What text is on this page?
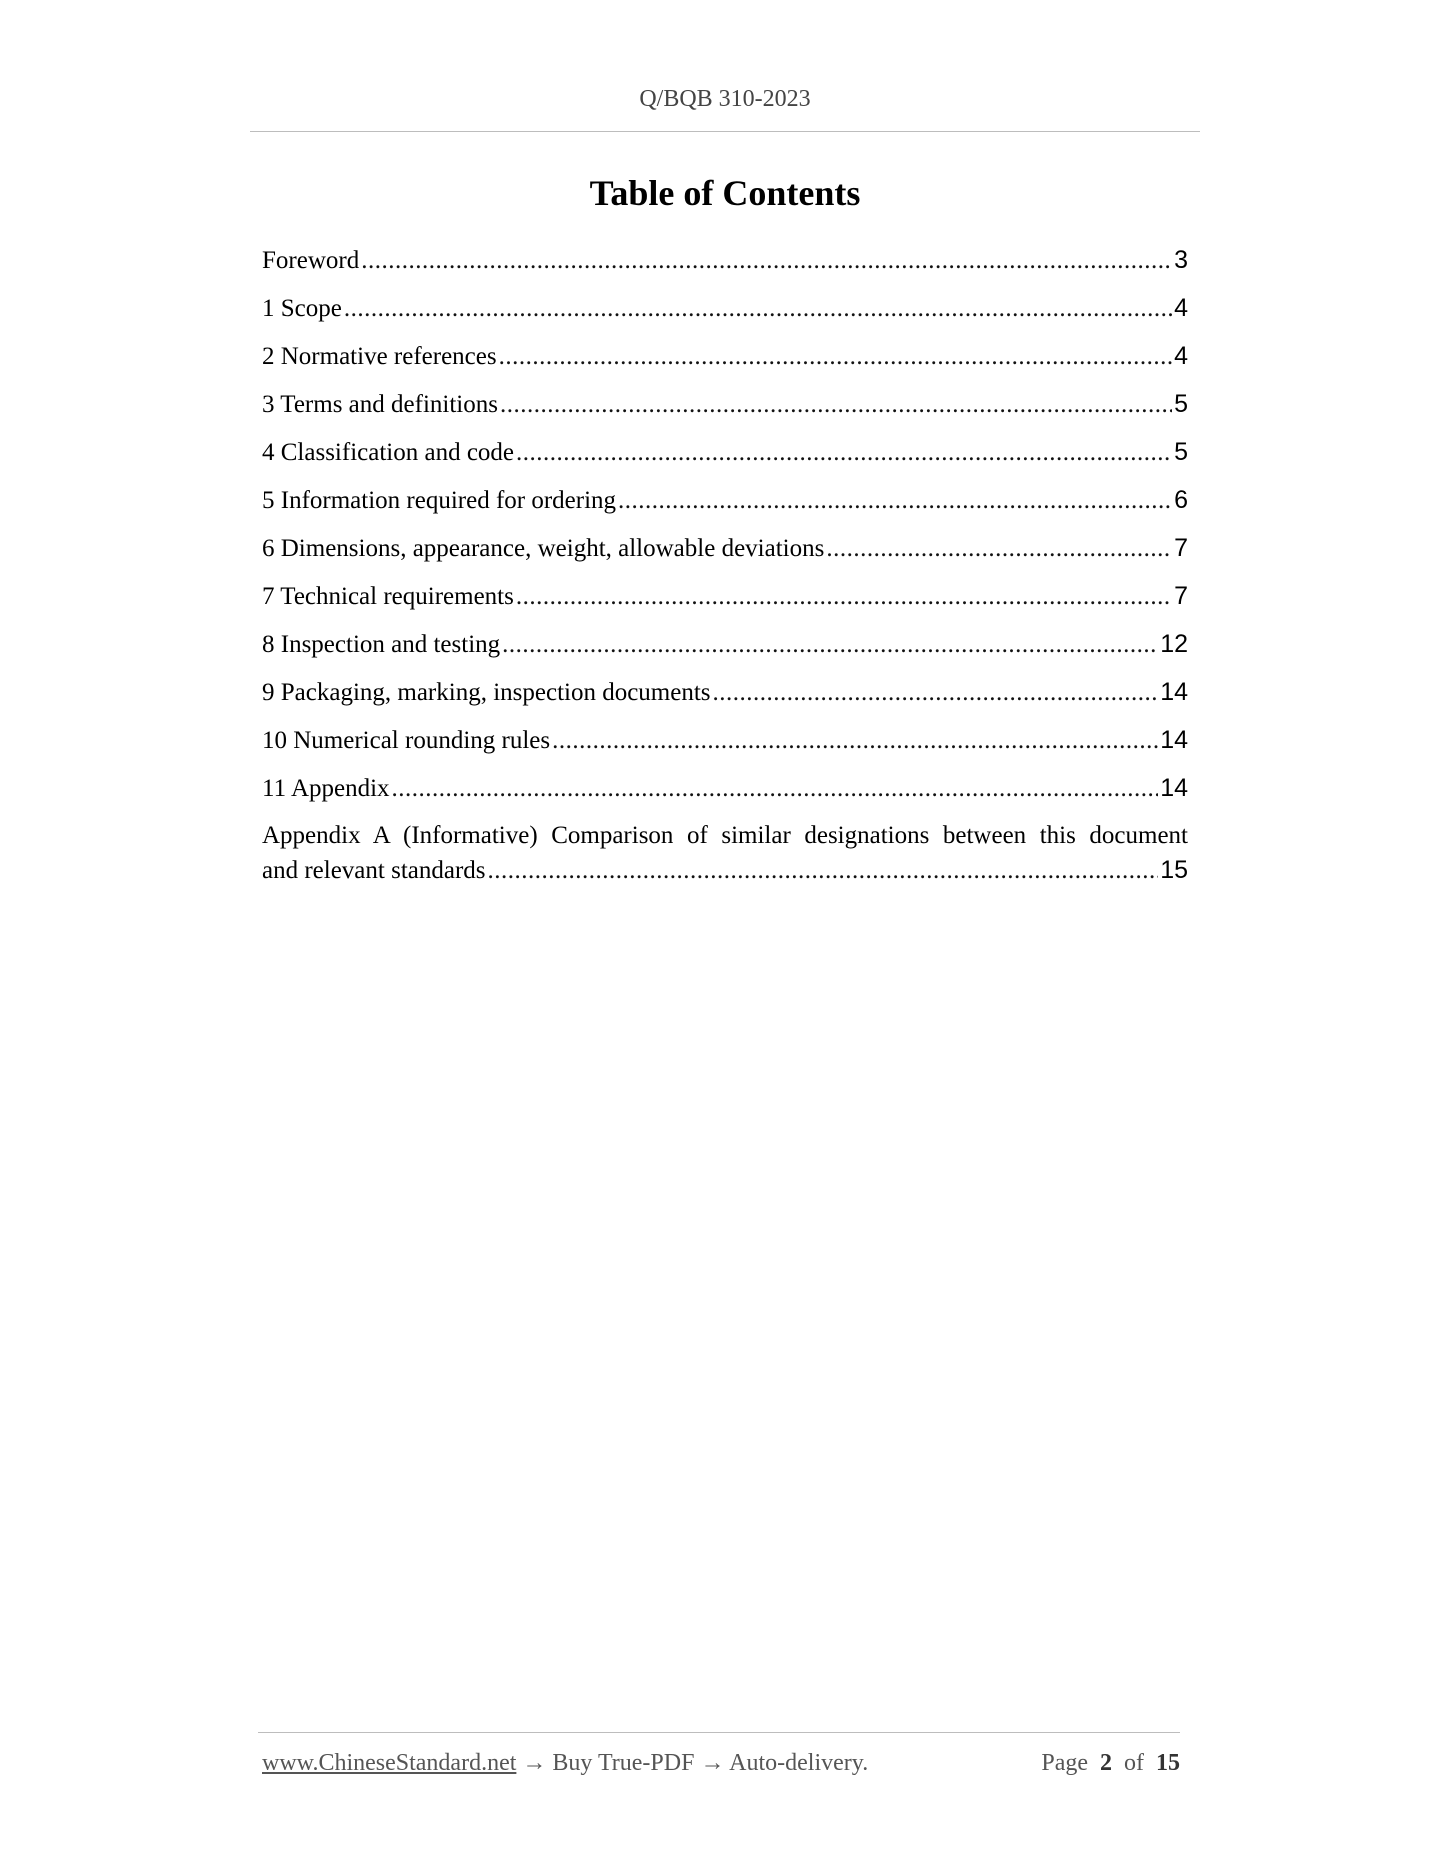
Q/BQB 310-2023
Table of Contents
Foreword .....	3
1 Scope .....	4
2 Normative references .....	4
3 Terms and definitions .....	5
4 Classification and code .....	5
5 Information required for ordering .....	6
6 Dimensions, appearance, weight, allowable deviations .....	7
7 Technical requirements .....	7
8 Inspection and testing .....	12
9 Packaging, marking, inspection documents .....	14
10 Numerical rounding rules .....	14
11 Appendix .....	14
Appendix A (Informative) Comparison of similar designations between this document
and relevant standards .....	15
www.ChineseStandard.net → Buy True-PDF → Auto-delivery.	Page 2 of 15
